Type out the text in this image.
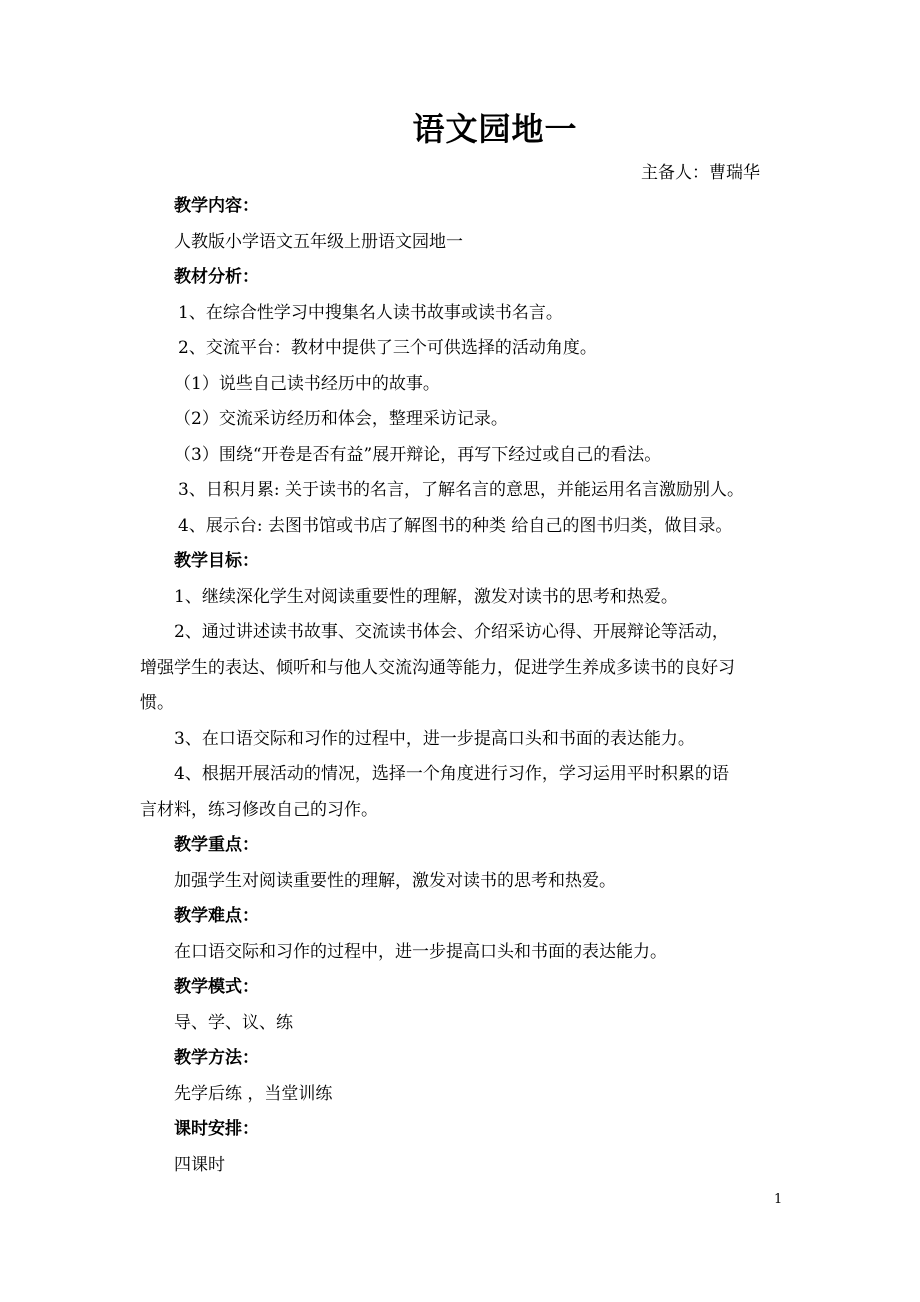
语文园地一
主备人：曹瑞华
教学内容：
人教版小学语文五年级上册语文园地一
教材分析：
1、在综合性学习中搜集名人读书故事或读书名言。
2、交流平台：教材中提供了三个可供选择的活动角度。
（1）说些自己读书经历中的故事。
（2）交流采访经历和体会，整理采访记录。
（3）围绕“开卷是否有益”展开辩论，再写下经过或自己的看法。
3、日积月累: 关于读书的名言，了解名言的意思，并能运用名言激励别人。
4、展示台: 去图书馆或书店了解图书的种类 给自己的图书归类，做目录。
教学目标：
1、继续深化学生对阅读重要性的理解，激发对读书的思考和热爱。
2、通过讲述读书故事、交流读书体会、介绍采访心得、开展辩论等活动，
增强学生的表达、倾听和与他人交流沟通等能力，促进学生养成多读书的良好习
惯。
3、在口语交际和习作的过程中，进一步提高口头和书面的表达能力。
4、根据开展活动的情况，选择一个角度进行习作，学习运用平时积累的语
言材料，练习修改自己的习作。
教学重点：
加强学生对阅读重要性的理解，激发对读书的思考和热爱。
教学难点：
在口语交际和习作的过程中，进一步提高口头和书面的表达能力。
教学模式：
导、学、议、练
教学方法：
先学后练 ，当堂训练
课时安排：
四课时
1
